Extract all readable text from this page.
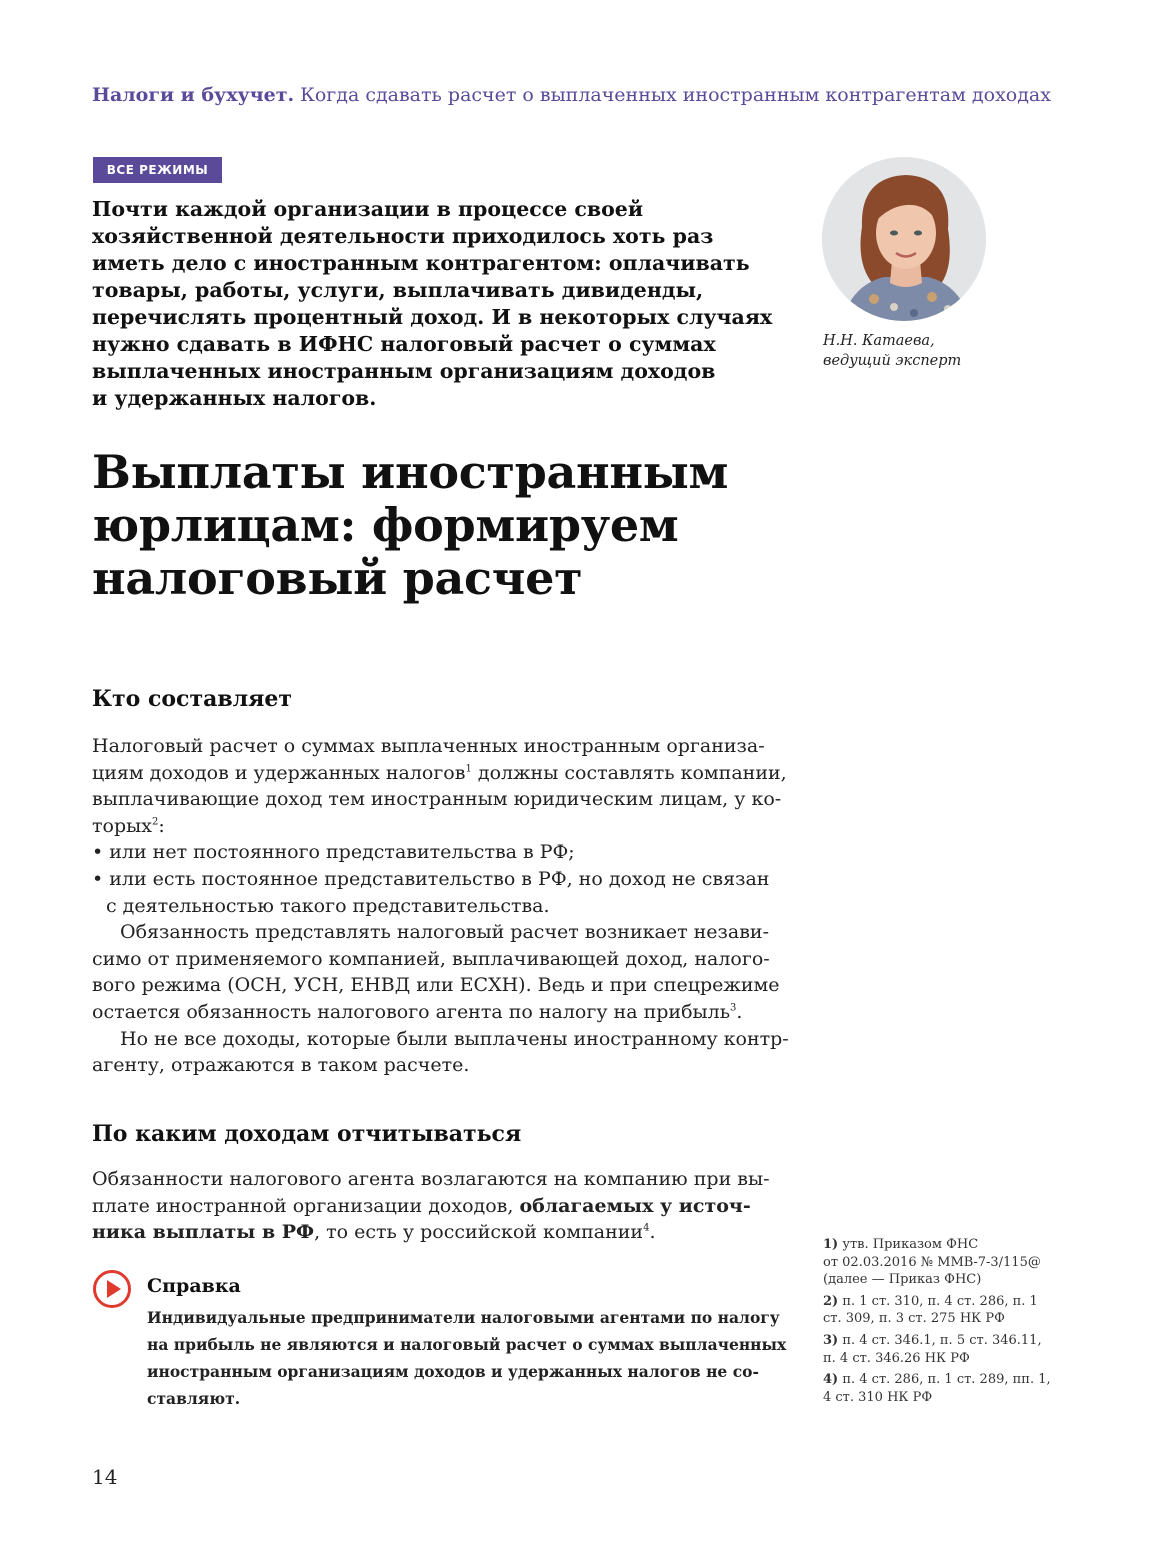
Налоги и бухучет. Когда сдавать расчет о выплаченных иностранным контрагентам доходах
ВСЕ РЕЖИМЫ
Почти каждой организации в процессе своей
хозяйственной деятельности приходилось хоть раз
иметь дело с иностранным контрагентом: оплачивать
товары, работы, услуги, выплачивать дивиденды,
перечислять процентный доход. И в некоторых случаях
нужно сдавать в ИФНС налоговый расчет о суммах
выплаченных иностранным организациям доходов
и удержанных налогов.
Н.Н. Катаева,
ведущий эксперт
Выплаты иностранным
юрлицам: формируем
налоговый расчет
Кто составляет
Налоговый расчет о суммах выплаченных иностранным организа-
циям доходов и удержанных налогов$^1$ должны составлять компании,
выплачивающие доход тем иностранным юридическим лицам, у ко-
торых$^2$:
• или нет постоянного представительства в РФ;
• или есть постоянное представительство в РФ, но доход не связан
с деятельностью такого представительства.
Обязанность представлять налоговый расчет возникает незави-
симо от применяемого компанией, выплачивающей доход, налого-
вого режима (ОСН, УСН, ЕНВД или ЕСХН). Ведь и при спецрежиме
остается обязанность налогового агента по налогу на прибыль$^3$.
Но не все доходы, которые были выплачены иностранному контр-
агенту, отражаются в таком расчете.
По каким доходам отчитываться
Обязанности налогового агента возлагаются на компанию при вы-
плате иностранной организации доходов, облагаемых у источ-
ника выплаты в РФ, то есть у российской компании$^4$.
Справка
Индивидуальные предприниматели налоговыми агентами по налогу
на прибыль не являются и налоговый расчет о суммах выплаченных
иностранным организациям доходов и удержанных налогов не со-
ставляют.
1) утв. Приказом ФНС
от 02.03.2016 № ММВ-7-3/115@
(далее — Приказ ФНС)
2) п. 1 ст. 310, п. 4 ст. 286, п. 1
ст. 309, п. 3 ст. 275 НК РФ
3) п. 4 ст. 346.1, п. 5 ст. 346.11,
п. 4 ст. 346.26 НК РФ
4) п. 4 ст. 286, п. 1 ст. 289, пп. 1,
4 ст. 310 НК РФ
14
